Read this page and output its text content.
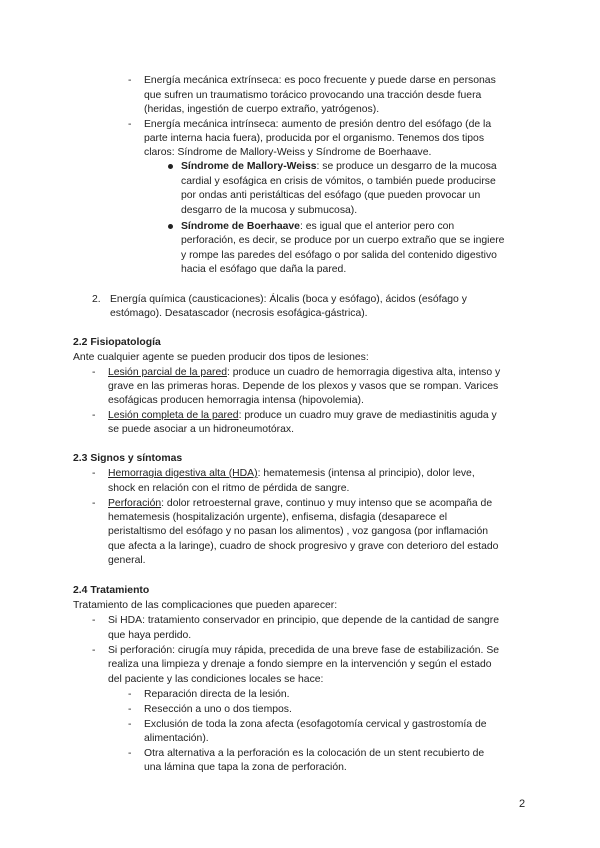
- Energía mecánica extrínseca: es poco frecuente y puede darse en personas
que sufren un traumatismo torácico provocando una tracción desde fuera
(heridas, ingestión de cuerpo extraño, yatrógenos).
- Energía mecánica intrínseca: aumento de presión dentro del esófago (de la
parte interna hacia fuera), producida por el organismo. Tenemos dos tipos
claros: Síndrome de Mallory-Weiss y Síndrome de Boerhaave.
Síndrome de Mallory-Weiss: se produce un desgarro de la mucosa
cardial y esofágica en crisis de vómitos, o también puede producirse
por ondas anti peristálticas del esófago (que pueden provocar un
desgarro de la mucosa y submucosa).
Síndrome de Boerhaave: es igual que el anterior pero con
perforación, es decir, se produce por un cuerpo extraño que se ingiere
y rompe las paredes del esófago o por salida del contenido digestivo
hacia el esófago que daña la pared.
2. Energía química (causticaciones): Álcalis (boca y esófago), ácidos (esófago y
estómago). Desatascador (necrosis esofágica-gástrica).
2.2 Fisiopatología
Ante cualquier agente se pueden producir dos tipos de lesiones:
- Lesión parcial de la pared: produce un cuadro de hemorragia digestiva alta, intenso y
grave en las primeras horas. Depende de los plexos y vasos que se rompan. Varices
esofágicas producen hemorragia intensa (hipovolemia).
- Lesión completa de la pared: produce un cuadro muy grave de mediastinitis aguda y
se puede asociar a un hidroneumotórax.
2.3 Signos y síntomas
- Hemorragia digestiva alta (HDA): hematemesis (intensa al principio), dolor leve,
shock en relación con el ritmo de pérdida de sangre.
- Perforación: dolor retroesternal grave, continuo y muy intenso que se acompaña de
hematemesis (hospitalización urgente), enfisema, disfagia (desaparece el
peristaltismo del esófago y no pasan los alimentos) , voz gangosa (por inflamación
que afecta a la laringe), cuadro de shock progresivo y grave con deterioro del estado
general.
2.4 Tratamiento
Tratamiento de las complicaciones que pueden aparecer:
- Si HDA: tratamiento conservador en principio, que depende de la cantidad de sangre
que haya perdido.
- Si perforación: cirugía muy rápida, precedida de una breve fase de estabilización. Se
realiza una limpieza y drenaje a fondo siempre en la intervención y según el estado
del paciente y las condiciones locales se hace:
- Reparación directa de la lesión.
- Resección a uno o dos tiempos.
- Exclusión de toda la zona afecta (esofagotomía cervical y gastrostomía de
alimentación).
- Otra alternativa a la perforación es la colocación de un stent recubierto de
una lámina que tapa la zona de perforación.
2
